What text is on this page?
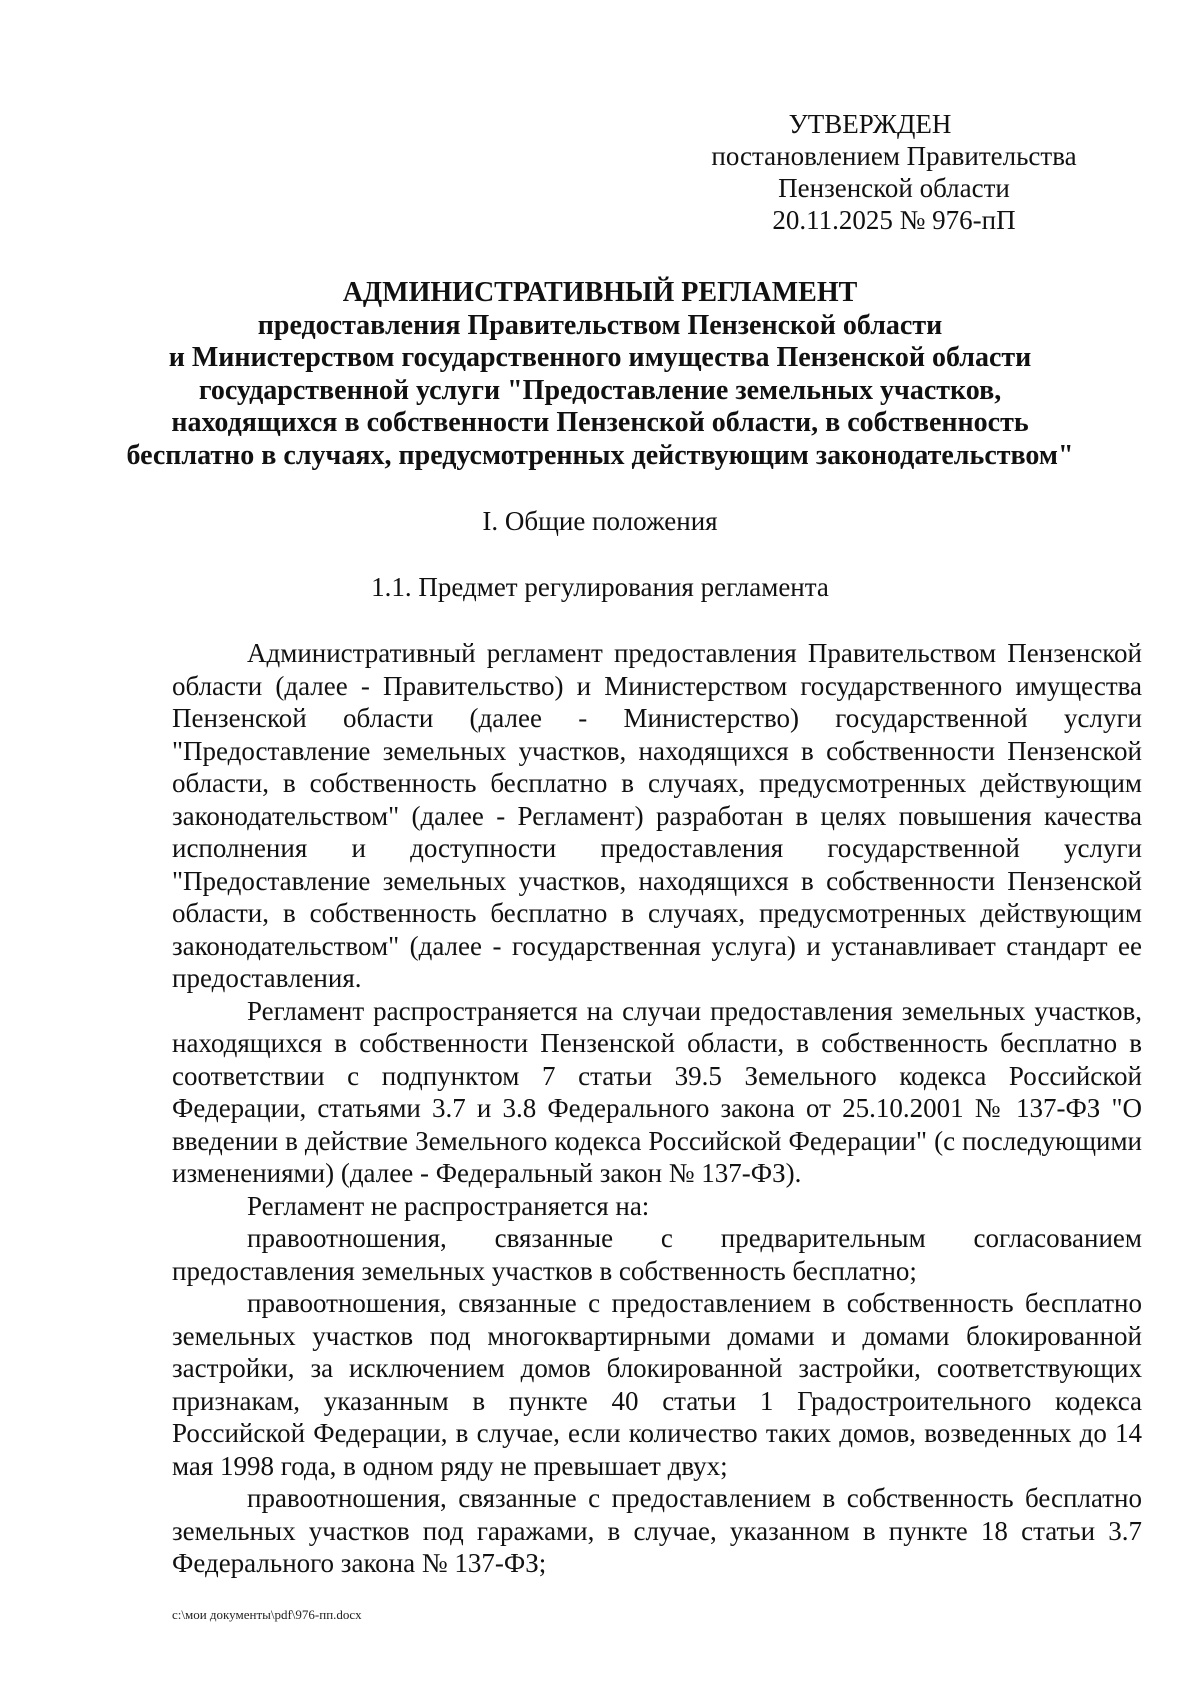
УТВЕРЖДЕН
постановлением Правительства
Пензенской области
20.11.2025 № 976-пП
АДМИНИСТРАТИВНЫЙ РЕГЛАМЕНТ
предоставления Правительством Пензенской области
и Министерством государственного имущества Пензенской области
государственной услуги "Предоставление земельных участков,
находящихся в собственности Пензенской области, в собственность
бесплатно в случаях, предусмотренных действующим законодательством"
I. Общие положения
1.1. Предмет регулирования регламента

Административный регламент предоставления Правительством Пензенской области (далее - Правительство) и Министерством государственного имущества Пензенской области (далее - Министерство) государственной услуги "Предоставление земельных участков, находящихся в собственности Пензенской области, в собственность бесплатно в случаях, предусмотренных действующим законодательством" (далее - Регламент) разработан в целях повышения качества исполнения и доступности предоставления государственной услуги "Предоставление земельных участков, находящихся в собственности Пензенской области, в собственность бесплатно в случаях, предусмотренных действующим законодательством" (далее - государственная услуга) и устанавливает стандарт ее предоставления.

Регламент распространяется на случаи предоставления земельных участков, находящихся в собственности Пензенской области, в собственность бесплатно в соответствии с подпунктом 7 статьи 39.5 Земельного кодекса Российской Федерации, статьями 3.7 и 3.8 Федерального закона от 25.10.2001 № 137-ФЗ "О введении в действие Земельного кодекса Российской Федерации" (с последующими изменениями) (далее - Федеральный закон № 137-ФЗ).

Регламент не распространяется на:

правоотношения, связанные с предварительным согласованием предоставления земельных участков в собственность бесплатно;

правоотношения, связанные с предоставлением в собственность бесплатно земельных участков под многоквартирными домами и домами блокированной застройки, за исключением домов блокированной застройки, соответствующих признакам, указанным в пункте 40 статьи 1 Градостроительного кодекса Российской Федерации, в случае, если количество таких домов, возведенных до 14 мая 1998 года, в одном ряду не превышает двух;

правоотношения, связанные с предоставлением в собственность бесплатно земельных участков под гаражами, в случае, указанном в пункте 18 статьи 3.7 Федерального закона № 137-ФЗ;

c:\мои документы\pdf\976-пп.docx
